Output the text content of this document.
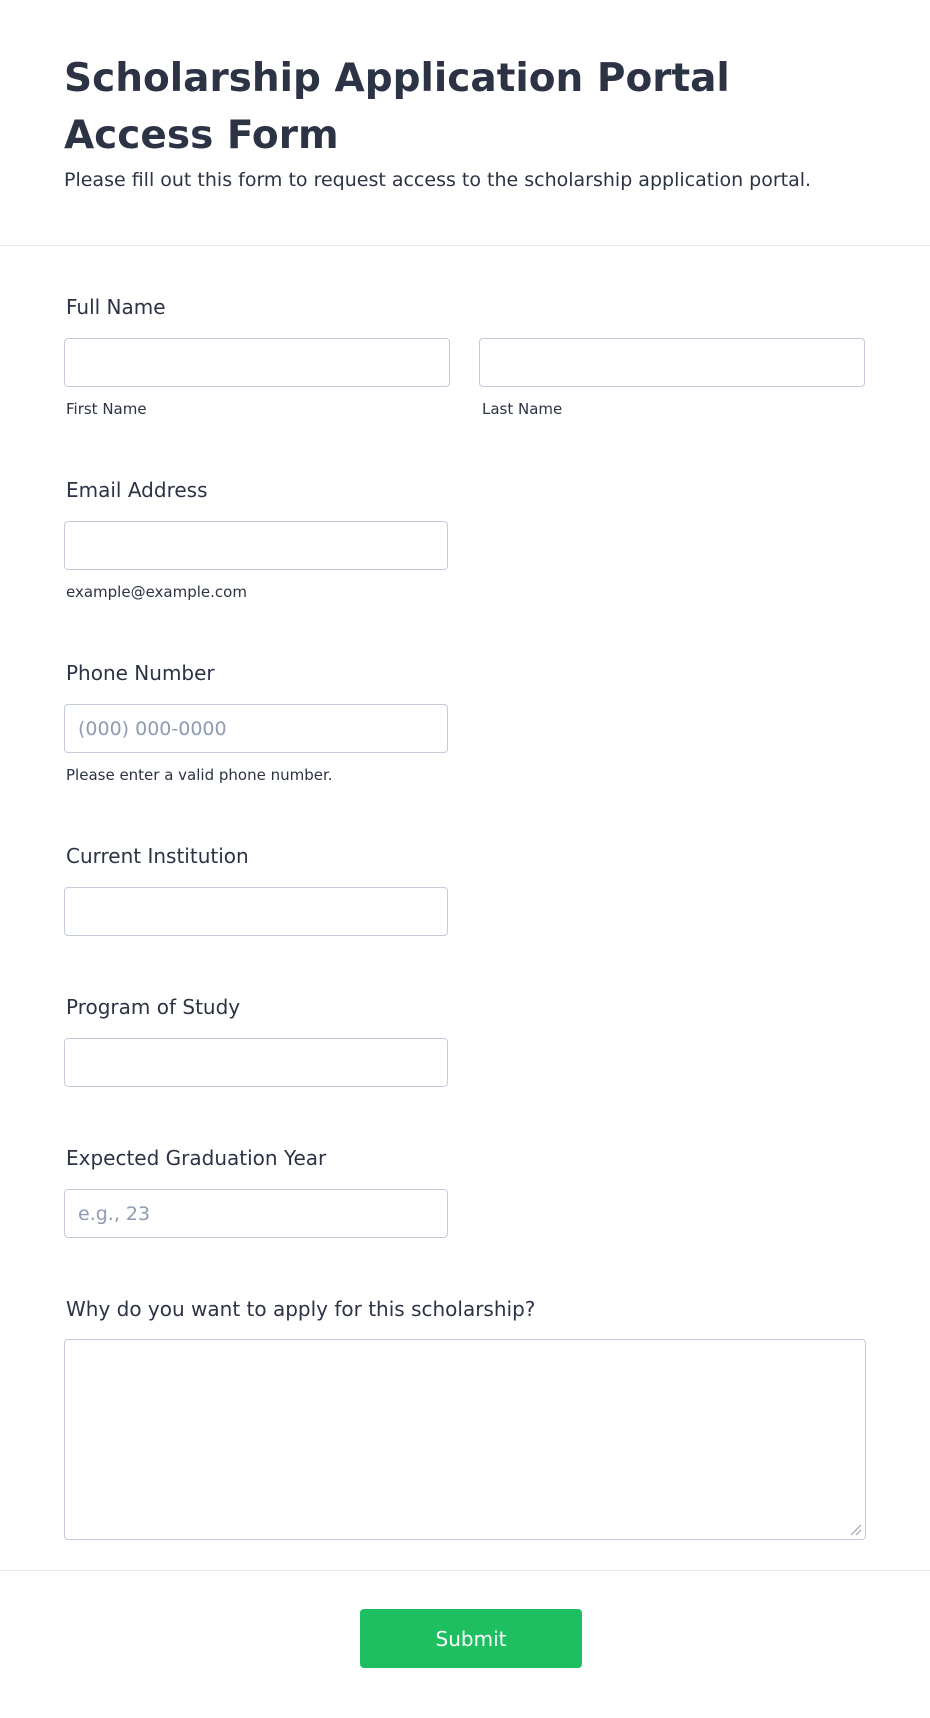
Scholarship Application Portal Access Form

Please fill out this form to request access to the scholarship application portal.

Full Name
First Name	Last Name
Email Address
example@example.com
Phone Number
(000) 000-0000
Please enter a valid phone number.
Current Institution
Program of Study
Expected Graduation Year
e.g., 23
Why do you want to apply for this scholarship?
Submit
